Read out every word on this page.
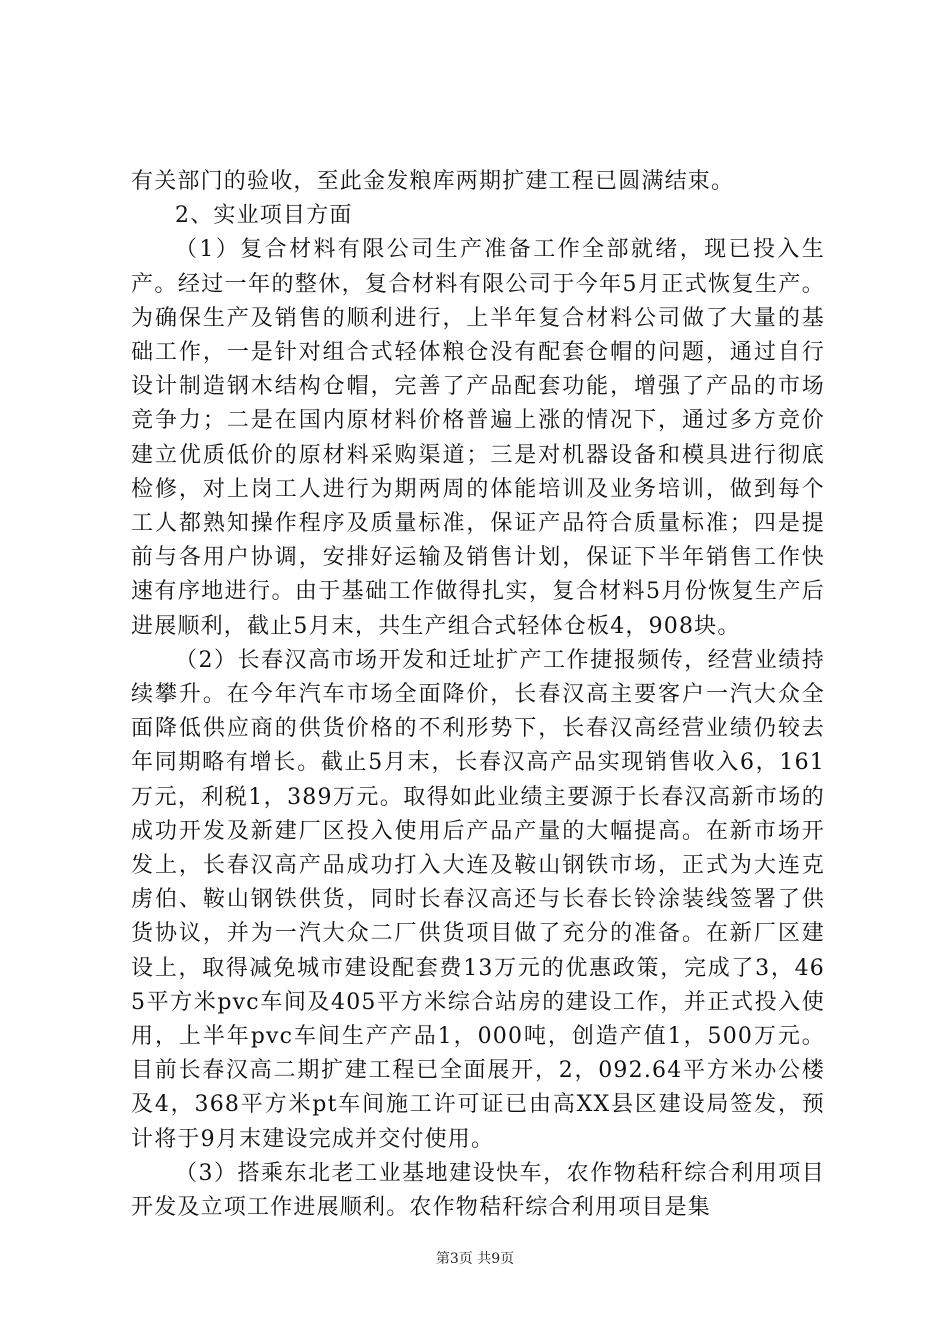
有关部门的验收，至此金发粮库两期扩建工程已圆满结束。

2、实业项目方面

（1）复合材料有限公司生产准备工作全部就绪，现已投入生产。经过一年的整休，复合材料有限公司于今年5月正式恢复生产。为确保生产及销售的顺利进行，上半年复合材料公司做了大量的基础工作，一是针对组合式轻体粮仓没有配套仓帽的问题，通过自行设计制造钢木结构仓帽，完善了产品配套功能，增强了产品的市场竞争力；二是在国内原材料价格普遍上涨的情况下，通过多方竞价建立优质低价的原材料采购渠道；三是对机器设备和模具进行彻底检修，对上岗工人进行为期两周的体能培训及业务培训，做到每个工人都熟知操作程序及质量标准，保证产品符合质量标准；四是提前与各用户协调，安排好运输及销售计划，保证下半年销售工作快速有序地进行。由于基础工作做得扎实，复合材料5月份恢复生产后进展顺利，截止5月末，共生产组合式轻体仓板4，908块。

（2）长春汉高市场开发和迁址扩产工作捷报频传，经营业绩持续攀升。在今年汽车市场全面降价，长春汉高主要客户一汽大众全面降低供应商的供货价格的不利形势下，长春汉高经营业绩仍较去年同期略有增长。截止5月末，长春汉高产品实现销售收入6，161万元，利税1，389万元。取得如此业绩主要源于长春汉高新市场的成功开发及新建厂区投入使用后产品产量的大幅提高。在新市场开发上，长春汉高产品成功打入大连及鞍山钢铁市场，正式为大连克虏伯、鞍山钢铁供货，同时长春汉高还与长春长铃涂装线签署了供货协议，并为一汽大众二厂供货项目做了充分的准备。在新厂区建设上，取得减免城市建设配套费13万元的优惠政策，完成了3，465平方米pvc车间及405平方米综合站房的建设工作，并正式投入使用，上半年pvc车间生产产品1，000吨，创造产值1，500万元。目前长春汉高二期扩建工程已全面展开，2，092.64平方米办公楼及4，368平方米pt车间施工许可证已由高XX县区建设局签发，预计将于9月末建设完成并交付使用。

（3）搭乘东北老工业基地建设快车，农作物秸秆综合利用项目开发及立项工作进展顺利。农作物秸秆综合利用项目是集

第3页 共9页
